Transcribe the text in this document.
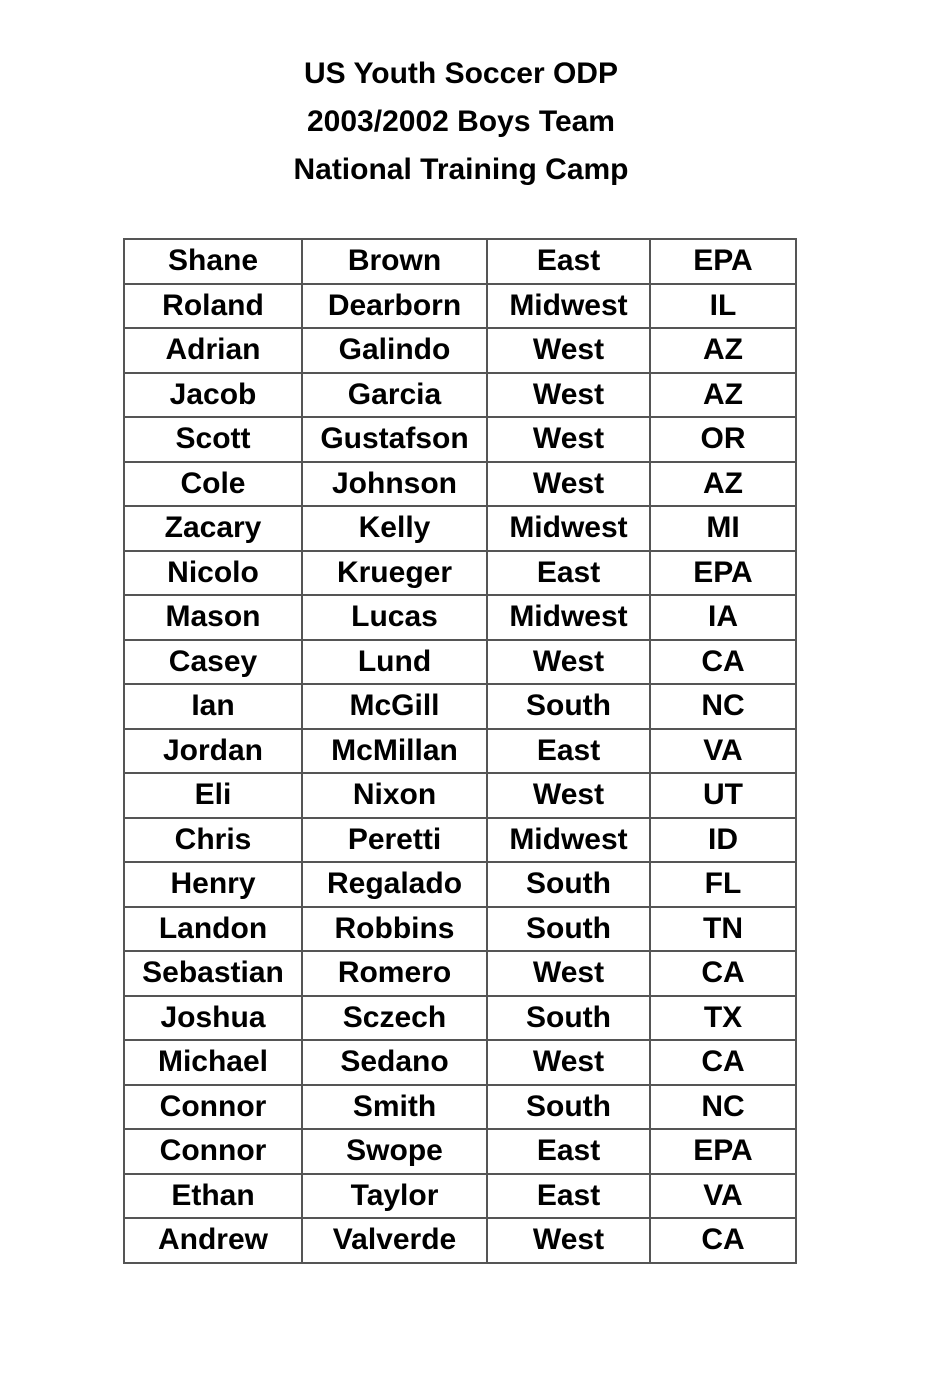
US Youth Soccer ODP
2003/2002 Boys Team
National Training Camp
Shane	Brown	East	EPA
Roland	Dearborn	Midwest	IL
Adrian	Galindo	West	AZ
Jacob	Garcia	West	AZ
Scott	Gustafson	West	OR
Cole	Johnson	West	AZ
Zacary	Kelly	Midwest	MI
Nicolo	Krueger	East	EPA
Mason	Lucas	Midwest	IA
Casey	Lund	West	CA
Ian	McGill	South	NC
Jordan	McMillan	East	VA
Eli	Nixon	West	UT
Chris	Peretti	Midwest	ID
Henry	Regalado	South	FL
Landon	Robbins	South	TN
Sebastian	Romero	West	CA
Joshua	Sczech	South	TX
Michael	Sedano	West	CA
Connor	Smith	South	NC
Connor	Swope	East	EPA
Ethan	Taylor	East	VA
Andrew	Valverde	West	CA
